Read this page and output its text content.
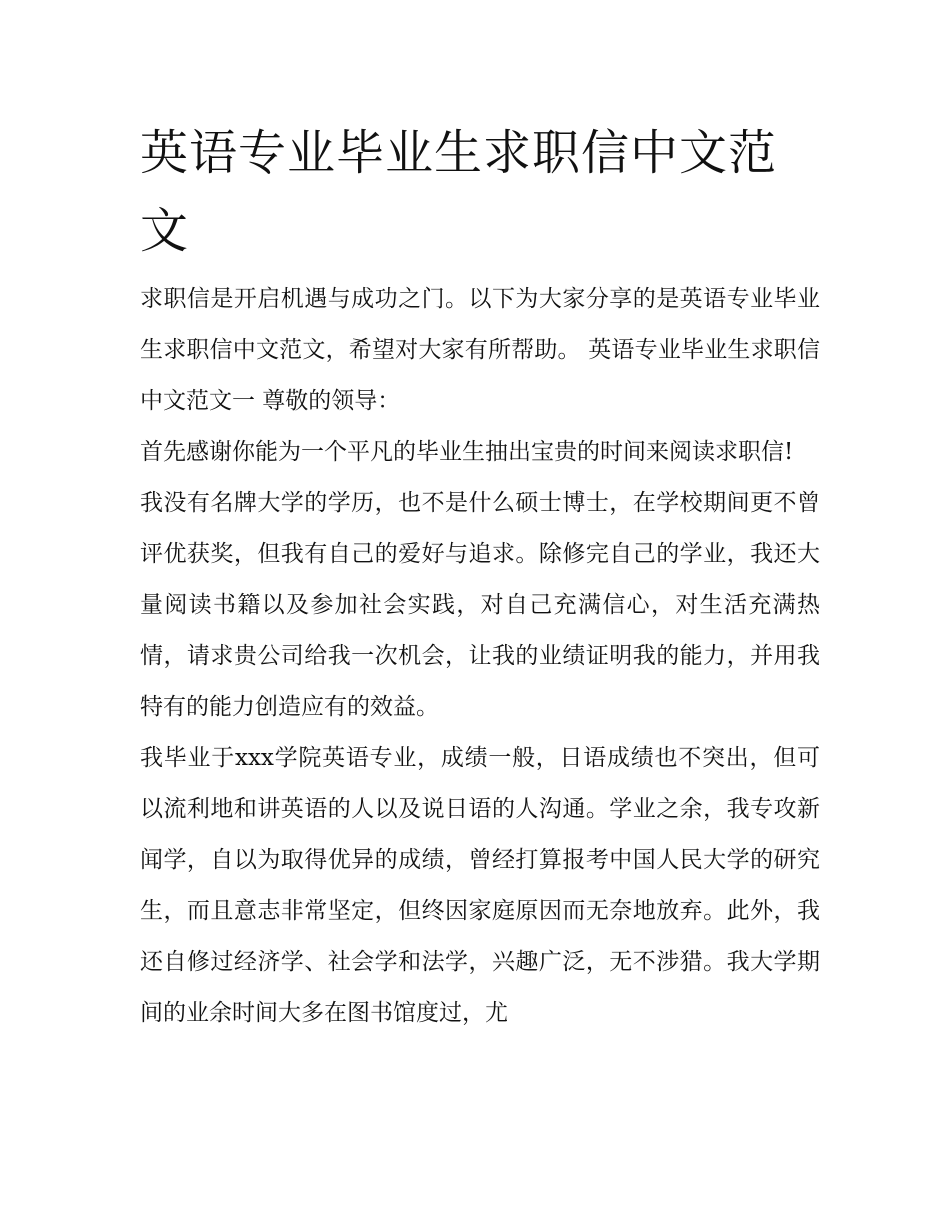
英语专业毕业生求职信中文范文

求职信是开启机遇与成功之门。以下为大家分享的是英语专业毕业生求职信中文范文，希望对大家有所帮助。 英语专业毕业生求职信中文范文一 尊敬的领导：

首先感谢你能为一个平凡的毕业生抽出宝贵的时间来阅读求职信!

我没有名牌大学的学历，也不是什么硕士博士，在学校期间更不曾评优获奖，但我有自己的爱好与追求。除修完自己的学业，我还大量阅读书籍以及参加社会实践，对自己充满信心，对生活充满热情，请求贵公司给我一次机会，让我的业绩证明我的能力，并用我特有的能力创造应有的效益。

我毕业于xxx学院英语专业，成绩一般，日语成绩也不突出，但可以流利地和讲英语的人以及说日语的人沟通。学业之余，我专攻新闻学，自以为取得优异的成绩，曾经打算报考中国人民大学的研究生，而且意志非常坚定，但终因家庭原因而无奈地放弃。此外，我还自修过经济学、社会学和法学，兴趣广泛，无不涉猎。我大学期间的业余时间大多在图书馆度过，尤
